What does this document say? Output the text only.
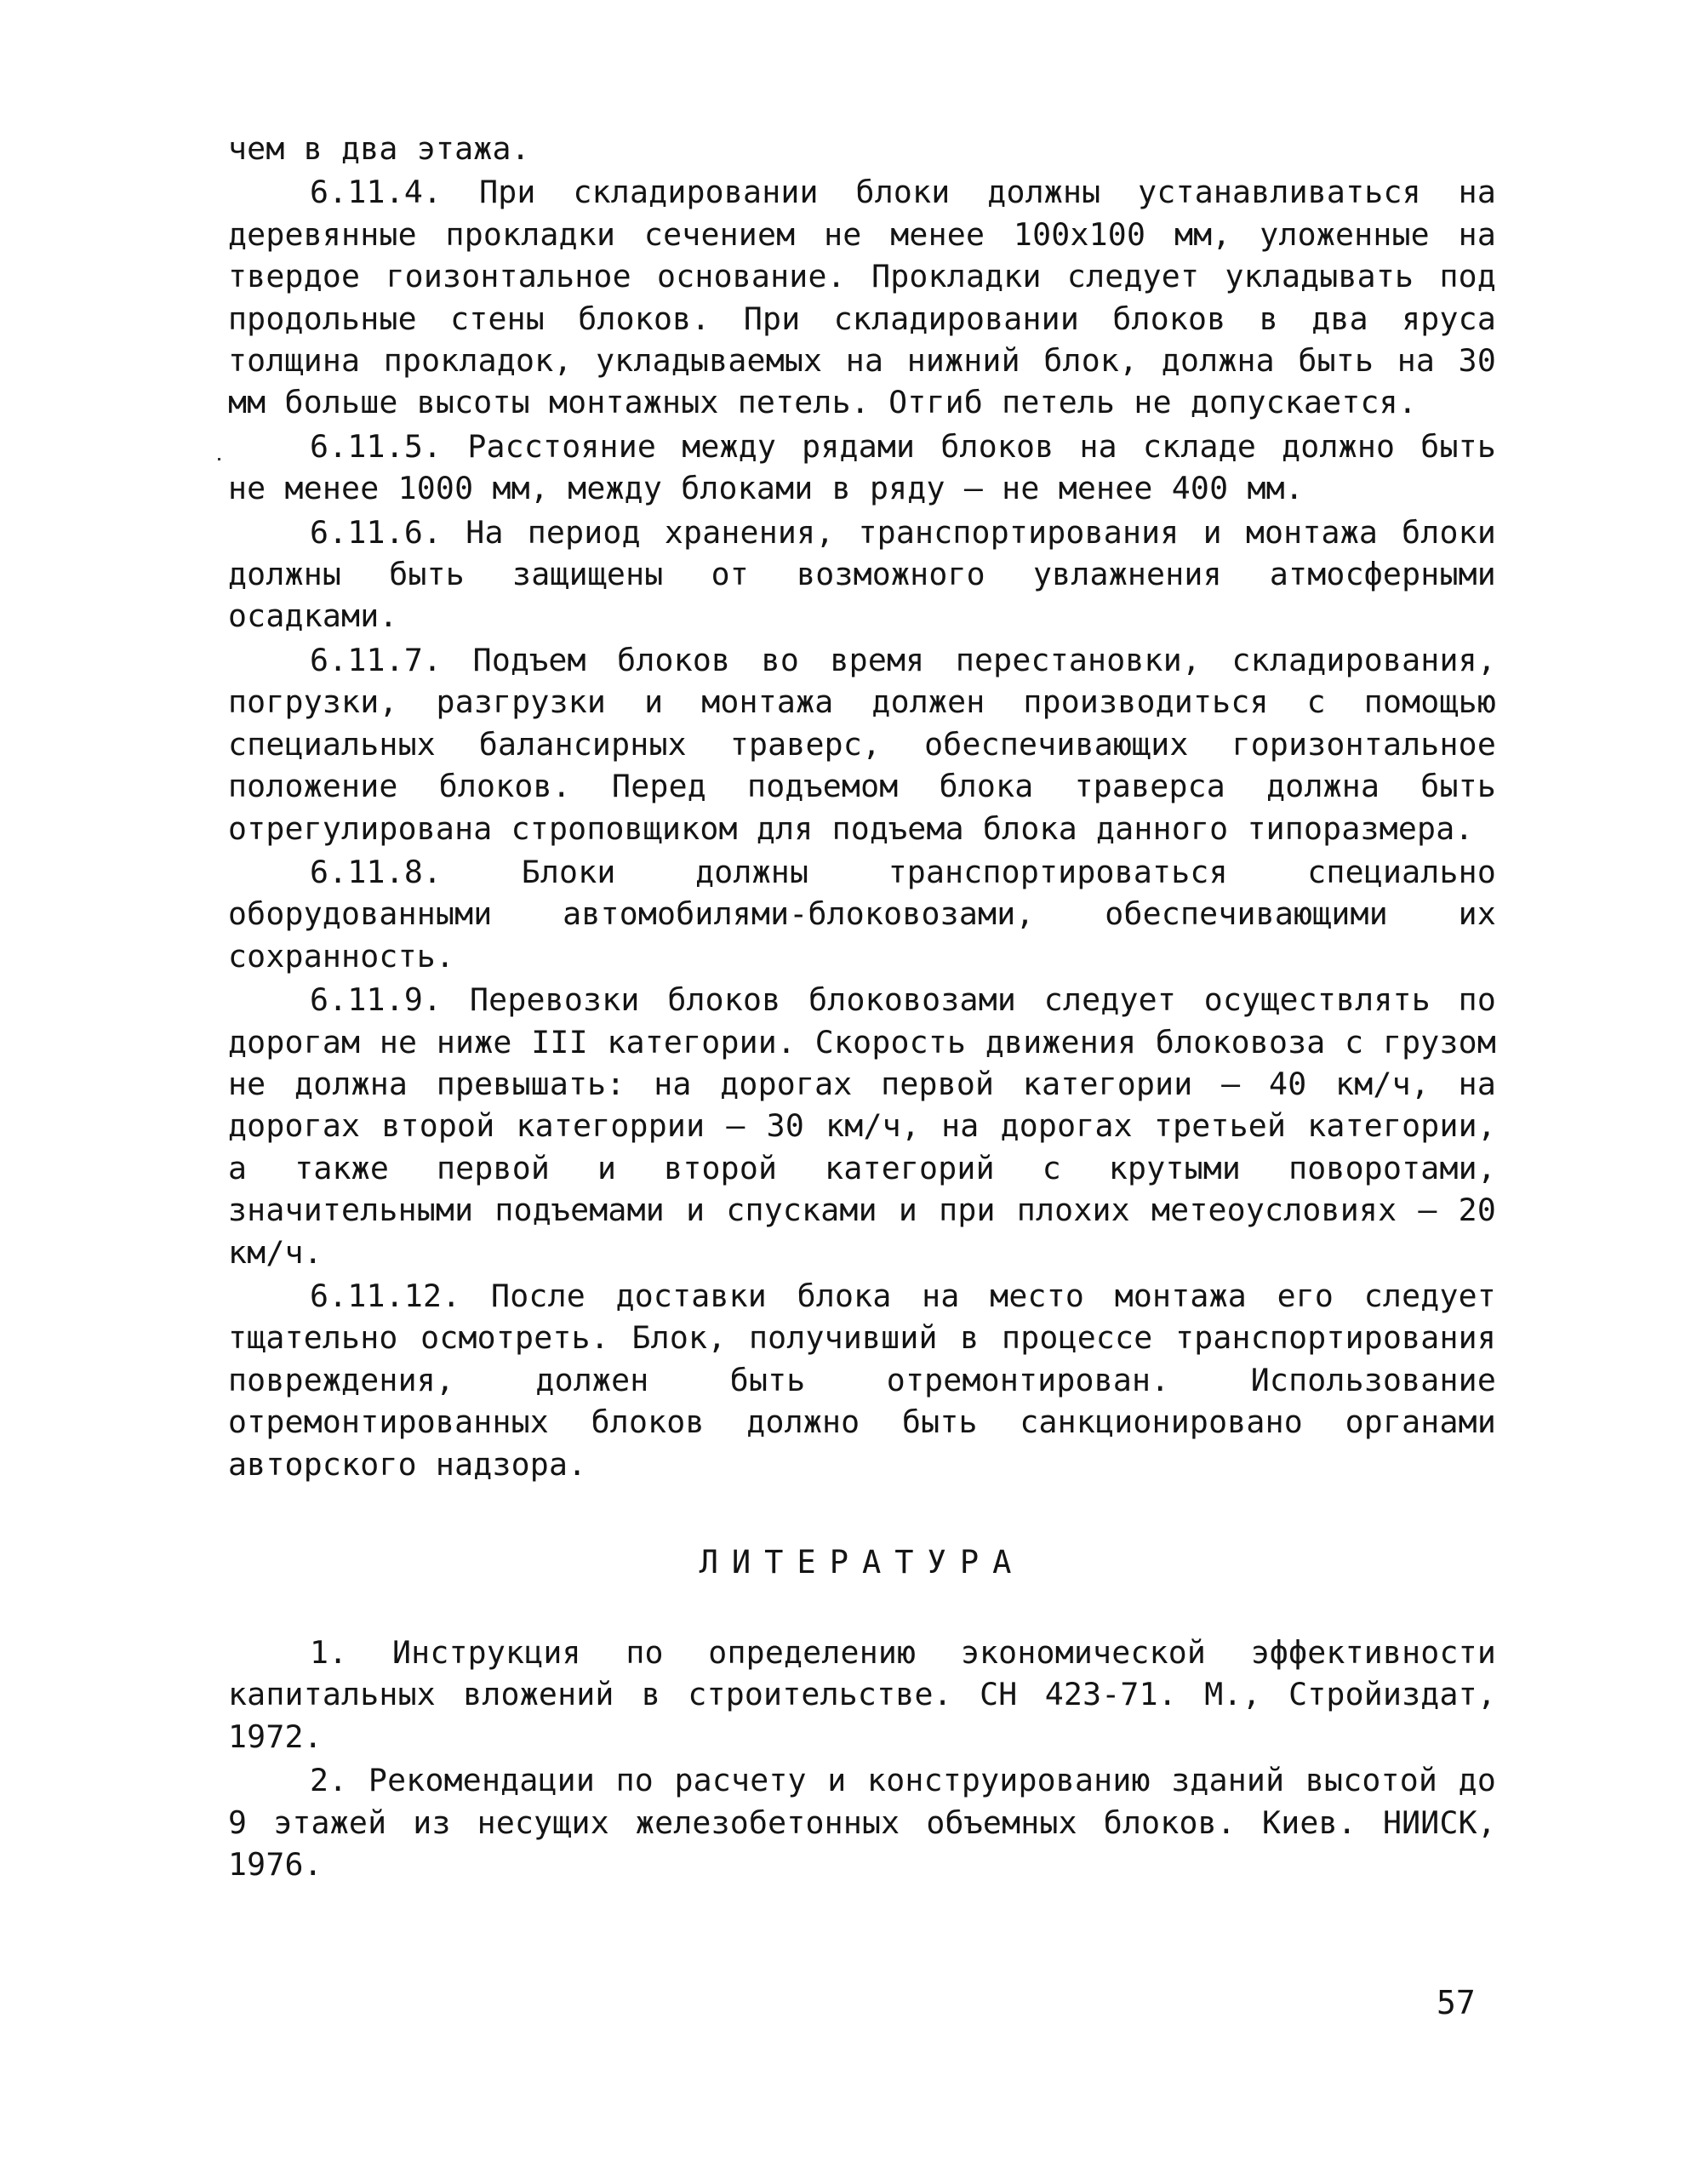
чем в два этажа.

6.11.4. При складировании блоки должны устанавливаться на деревянные прокладки сечением не менее 100х100 мм, уложенные на твердое гоизонтальное основание. Прокладки следует укладывать под продольные стены блоков. При складировании блоков в два яруса толщина прокладок, укладываемых на нижний блок, должна быть на 30 мм больше высоты монтажных петель. Отгиб петель не допускается.

6.11.5. Расстояние между рядами блоков на складе должно быть не менее 1000 мм, между блоками в ряду – не менее 400 мм.

6.11.6. На период хранения, транспортирования и монтажа блоки должны быть защищены от возможного увлажнения атмосферными осадками.

6.11.7. Подъем блоков во время перестановки, складирования, погрузки, разгрузки и монтажа должен производиться с помощью специальных балансирных траверс, обеспечивающих горизонтальное положение блоков. Перед подъемом блока траверса должна быть отрегулирована строповщиком для подъема блока данного типоразмера.

6.11.8. Блоки должны транспортироваться специально оборудованными автомобилями-блоковозами, обеспечивающими их сохранность.

6.11.9. Перевозки блоков блоковозами следует осуществлять по дорогам не ниже III категории. Скорость движения блоковоза с грузом не должна превышать: на дорогах первой категории – 40 км/ч, на дорогах второй категоррии – 30 км/ч, на дорогах третьей категории, а также первой и второй категорий с крутыми поворотами, значительными подъемами и спусками и при плохих метеоусловиях – 20 км/ч.

6.11.12. После доставки блока на место монтажа его следует тщательно осмотреть. Блок, получивший в процессе транспортирования повреждения, должен быть отремонтирован. Использование отремонтированных блоков должно быть санкционировано органами авторского надзора.

ЛИТЕРАТУРА

1. Инструкция по определению экономической эффективности капитальных вложений в строительстве. СН 423-71. М., Стройиздат, 1972.

2. Рекомендации по расчету и конструированию зданий высотой до 9 этажей из несущих железобетонных объемных блоков. Киев. НИИСК, 1976.

57
